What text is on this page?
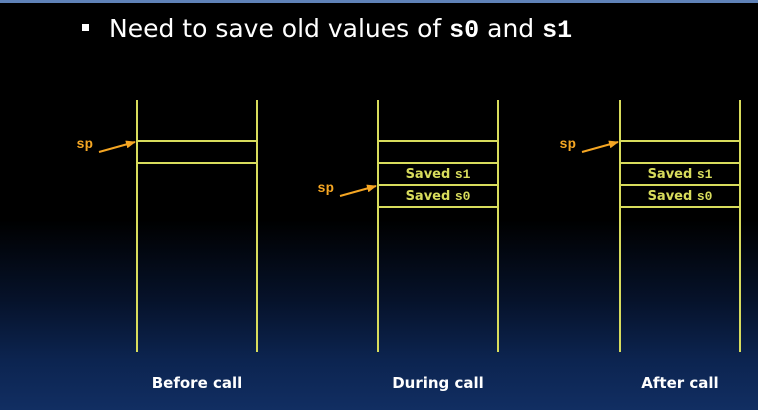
Need to save old values of s0 and s1
sp
Saved s1
Saved s0
sp
Saved s1
Saved s0
sp
Before call	During call	After call
